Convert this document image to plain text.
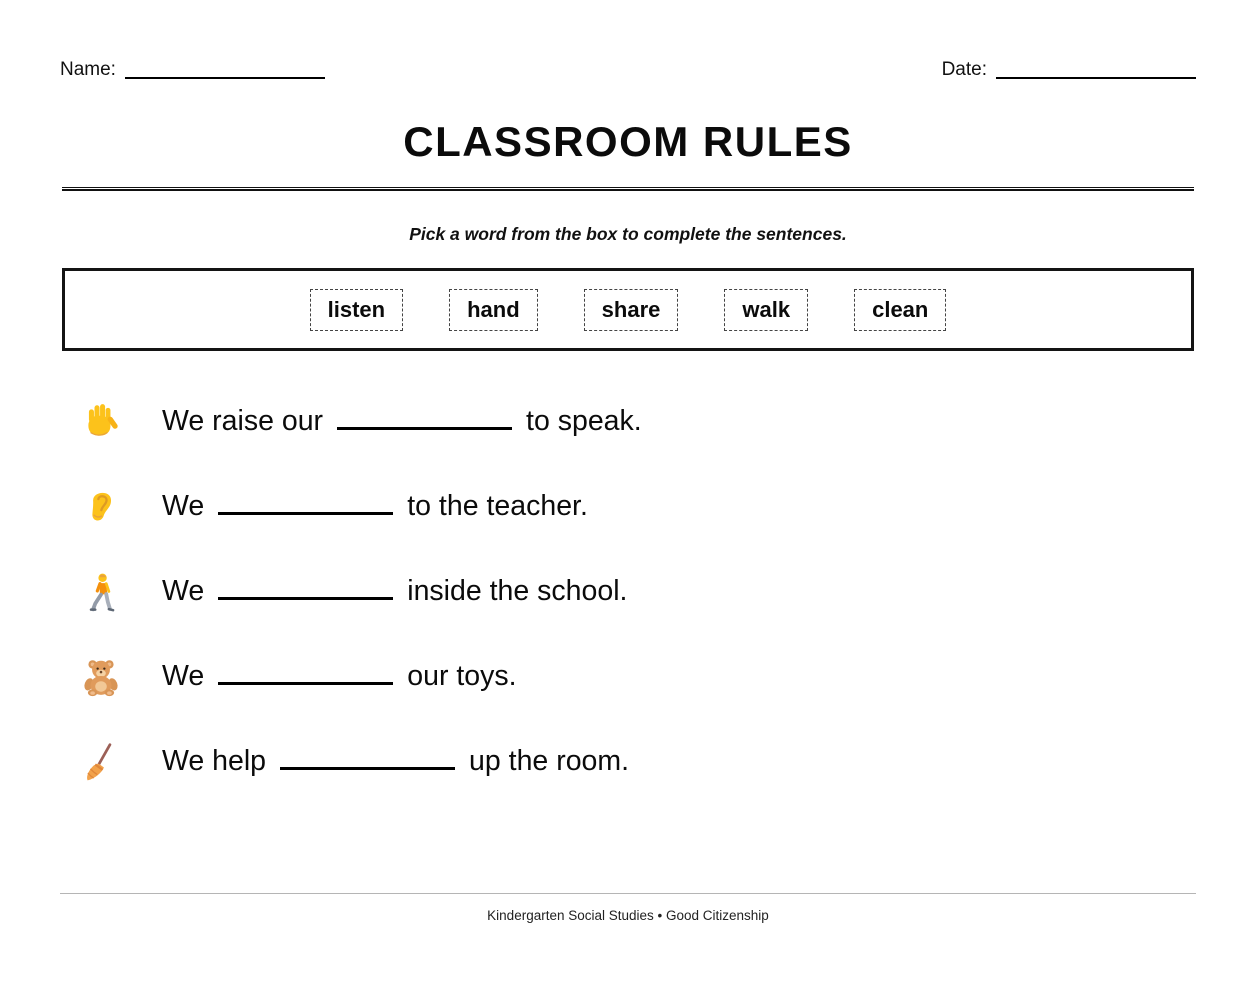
Name:	Date:
CLASSROOM RULES
Pick a word from the box to complete the sentences.
listen	hand	share	walk	clean
We raise our	to speak.
We	to the teacher.
We	inside the school.
We	our toys.
We help	up the room.
Kindergarten Social Studies • Good Citizenship
